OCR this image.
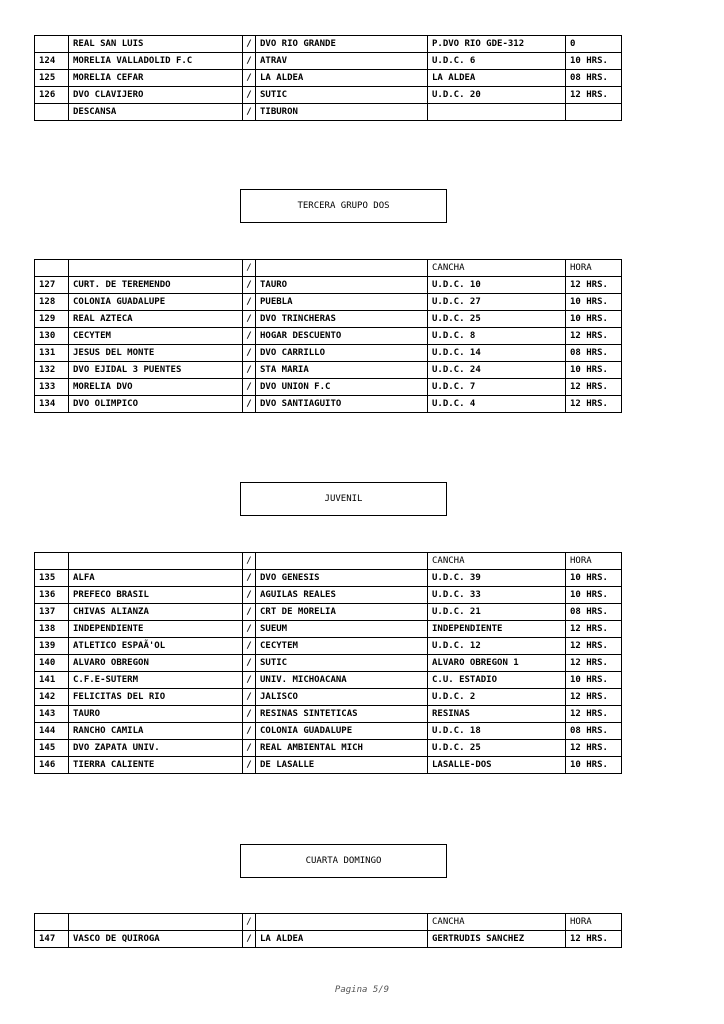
	REAL SAN LUIS	/	DVO RIO GRANDE	P.DVO RIO GDE-312	0
124	MORELIA VALLADOLID F.C	/	ATRAV	U.D.C. 6	10 HRS.
125	MORELIA CEFAR	/	LA ALDEA	LA ALDEA	08 HRS.
126	DVO CLAVIJERO	/	SUTIC	U.D.C. 20	12 HRS.
	DESCANSA	/	TIBURON		
TERCERA GRUPO DOS
		/		CANCHA	HORA
127	CURT. DE TEREMENDO	/	TAURO	U.D.C. 10	12 HRS.
128	COLONIA GUADALUPE	/	PUEBLA	U.D.C. 27	10 HRS.
129	REAL AZTECA	/	DVO TRINCHERAS	U.D.C. 25	10 HRS.
130	CECYTEM	/	HOGAR DESCUENTO	U.D.C. 8	12 HRS.
131	JESUS DEL MONTE	/	DVO CARRILLO	U.D.C. 14	08 HRS.
132	DVO EJIDAL 3 PUENTES	/	STA MARIA	U.D.C. 24	10 HRS.
133	MORELIA DVO	/	DVO UNION F.C	U.D.C. 7	12 HRS.
134	DVO OLIMPICO	/	DVO SANTIAGUITO	U.D.C. 4	12 HRS.
JUVENIL
		/		CANCHA	HORA
135	ALFA	/	DVO GENESIS	U.D.C. 39	10 HRS.
136	PREFECO BRASIL	/	AGUILAS REALES	U.D.C. 33	10 HRS.
137	CHIVAS ALIANZA	/	CRT DE MORELIA	U.D.C. 21	08 HRS.
138	INDEPENDIENTE	/	SUEUM	INDEPENDIENTE	12 HRS.
139	ATLETICO ESPAÃ'OL	/	CECYTEM	U.D.C. 12	12 HRS.
140	ALVARO OBREGON	/	SUTIC	ALVARO OBREGON 1	12 HRS.
141	C.F.E-SUTERM	/	UNIV. MICHOACANA	C.U. ESTADIO	10 HRS.
142	FELICITAS DEL RIO	/	JALISCO	U.D.C. 2	12 HRS.
143	TAURO	/	RESINAS SINTETICAS	RESINAS	12 HRS.
144	RANCHO CAMILA	/	COLONIA GUADALUPE	U.D.C. 18	08 HRS.
145	DVO ZAPATA UNIV.	/	REAL AMBIENTAL MICH	U.D.C. 25	12 HRS.
146	TIERRA CALIENTE	/	DE LASALLE	LASALLE-DOS	10 HRS.
CUARTA DOMINGO
		/		CANCHA	HORA
147	VASCO DE QUIROGA	/	LA ALDEA	GERTRUDIS SANCHEZ	12 HRS.
Pagina 5/9
